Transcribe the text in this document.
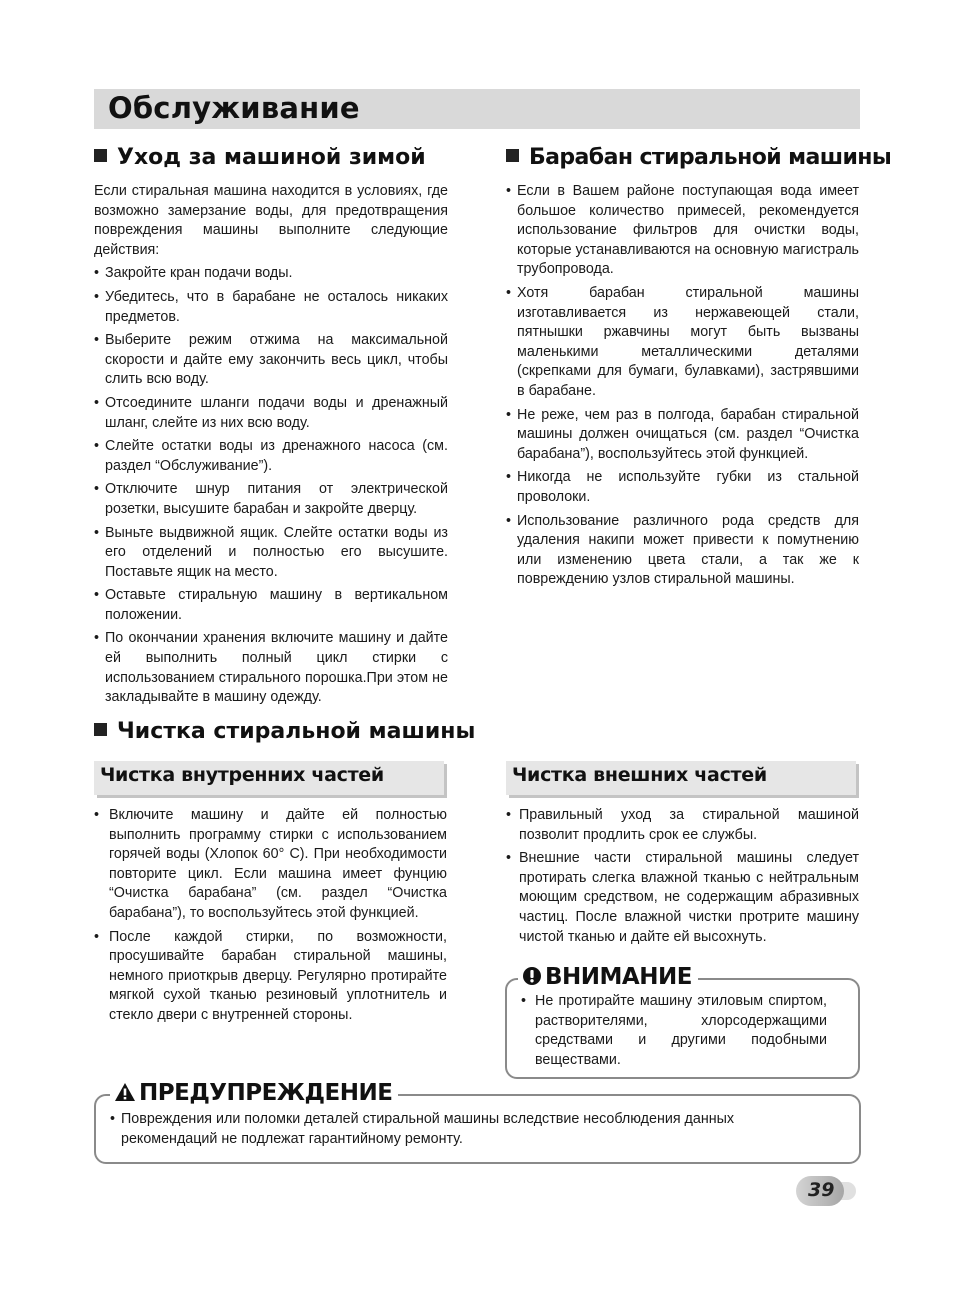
Обслуживание
Уход за машиной зимой

Если стиральная машина находится в условиях, где возможно замерзание воды, для предотвращения повреждения машины выполните следующие действия:

• Закройте кран подачи воды.
• Убедитесь, что в барабане не осталось никаких предметов.
• Выберите режим отжима на максимальной скорости и дайте ему закончить весь цикл, чтобы слить всю воду.
• Отсоедините шланги подачи воды и дренажный шланг, слейте из них всю воду.
• Слейте остатки воды из дренажного насоса (см. раздел “Обслуживание”).
• Отключите шнур питания от электрической розетки, высушите барабан и закройте дверцу.
• Выньте выдвижной ящик. Слейте остатки воды из его отделений и полностью его высушите. Поставьте ящик на место.
• Оставьте стиральную машину в вертикальном положении.
• По окончании хранения включите машину и дайте ей выполнить полный цикл стирки с использованием стирального порошка.При этом не закладывайте в машину одежду.
Барабан стиральной машины
• Если в Вашем районе поступающая вода имеет большое количество примесей, рекомендуется использование фильтров для очистки воды, которые устанавливаются на основную магистраль трубопровода.
• Хотя барабан стиральной машины изготавливается из нержавеющей стали, пятнышки ржавчины могут быть вызваны маленькими металлическими деталями (скрепками для бумаги, булавками), застрявшими в барабане.
• Не реже, чем раз в полгода, барабан стиральной машины должен очищаться (см. раздел “Очистка барабана”), воспользуйтесь этой функцией.
• Никогда не используйте губки из стальной проволоки.
• Использование различного рода средств для удаления накипи может привести к помутнению или изменению цвета стали, а так же к повреждению узлов стиральной машины.
Чистка стиральной машины
Чистка внутренних частей
• Включите машину и дайте ей полностью выполнить программу стирки с использованием горячей воды (Хлопок 60° C). При необходимости повторите цикл. Если машина имеет фунцию “Очистка барабана” (см. раздел “Очистка барабана”), то воспользуйтесь этой функцией.
• После каждой стирки, по возможности, просушивайте барабан стиральной машины, немного приоткрыв дверцу. Регулярно протирайте мягкой сухой тканью резиновый уплотнитель и стекло двери с внутренней стороны.
Чистка внешних частей
• Правильный уход за стиральной машиной позволит продлить срок ее службы.
• Внешние части стиральной машины следует протирать слегка влажной тканью с нейтральным моющим средством, не содержащим абразивных частиц. После влажной чистки протрите машину чистой тканью и дайте ей высохнуть.
• Не протирайте машину этиловым спиртом, растворителями, хлорсодержащими средствами и другими подобными веществами.
ВНИМАНИЕ
• Повреждения или поломки деталей стиральной машины вследствие несоблюдения данных рекомендаций не подлежат гарантийному ремонту.
ПРЕДУПРЕЖДЕНИЕ
39
